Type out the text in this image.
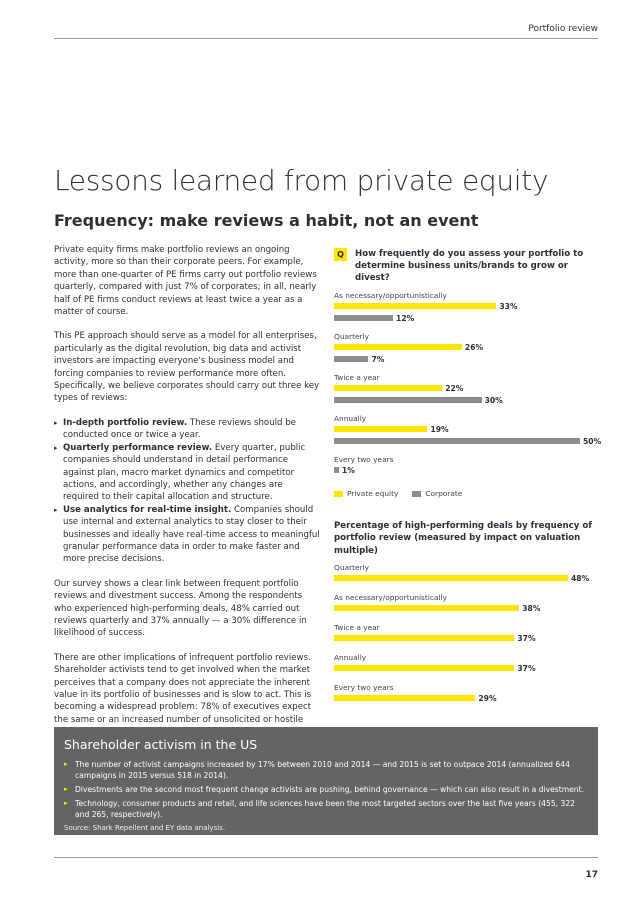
Portfolio review
Lessons learned from private equity
Frequency: make reviews a habit, not an event

Private equity firms make portfolio reviews an ongoing activity, more so than their corporate peers. For example, more than one-quarter of PE firms carry out portfolio reviews quarterly, compared with just 7% of corporates; in all, nearly half of PE firms conduct reviews at least twice a year as a matter of course.

This PE approach should serve as a model for all enterprises, particularly as the digital revolution, big data and activist investors are impacting everyone's business model and forcing companies to review performance more often. Specifically, we believe corporates should carry out three key types of reviews:

▸ In-depth portfolio review. These reviews should be conducted once or twice a year.
▸ Quarterly performance review. Every quarter, public companies should understand in detail performance against plan, macro market dynamics and competitor actions, and accordingly, whether any changes are required to their capital allocation and structure.
▸ Use analytics for real-time insight. Companies should use internal and external analytics to stay closer to their businesses and ideally have real-time access to meaningful granular performance data in order to make faster and more precise decisions.

Our survey shows a clear link between frequent portfolio reviews and divestment success. Among the respondents who experienced high-performing deals, 48% carried out reviews quarterly and 37% annually — a 30% difference in likelihood of success.

There are other implications of infrequent portfolio reviews. Shareholder activists tend to get involved when the market perceives that a company does not appreciate the inherent value in its portfolio of businesses and is slow to act. This is becoming a widespread problem: 78% of executives expect the same or an increased number of unsolicited or hostile

Q	How frequently do you assess your portfolio to determine business units/brands to grow or divest?
As necessary/opportunistically
33%
12%
Quarterly
26%
7%
Twice a year
22%
30%
Annually
19%
50%
Every two years
1%
Private equity	Corporate
Percentage of high-performing deals by frequency of portfolio review (measured by impact on valuation multiple)
Quarterly
48%
As necessary/opportunistically
38%
Twice a year
37%
Annually
37%
Every two years
29%
Shareholder activism in the US
▸ The number of activist campaigns increased by 17% between 2010 and 2014 — and 2015 is set to outpace 2014 (annualized 644 campaigns in 2015 versus 518 in 2014).
▸ Divestments are the second most frequent change activists are pushing, behind governance — which can also result in a divestment.
▸ Technology, consumer products and retail, and life sciences have been the most targeted sectors over the last five years (455, 322 and 265, respectively).
Source: Shark Repellent and EY data analysis.
17
